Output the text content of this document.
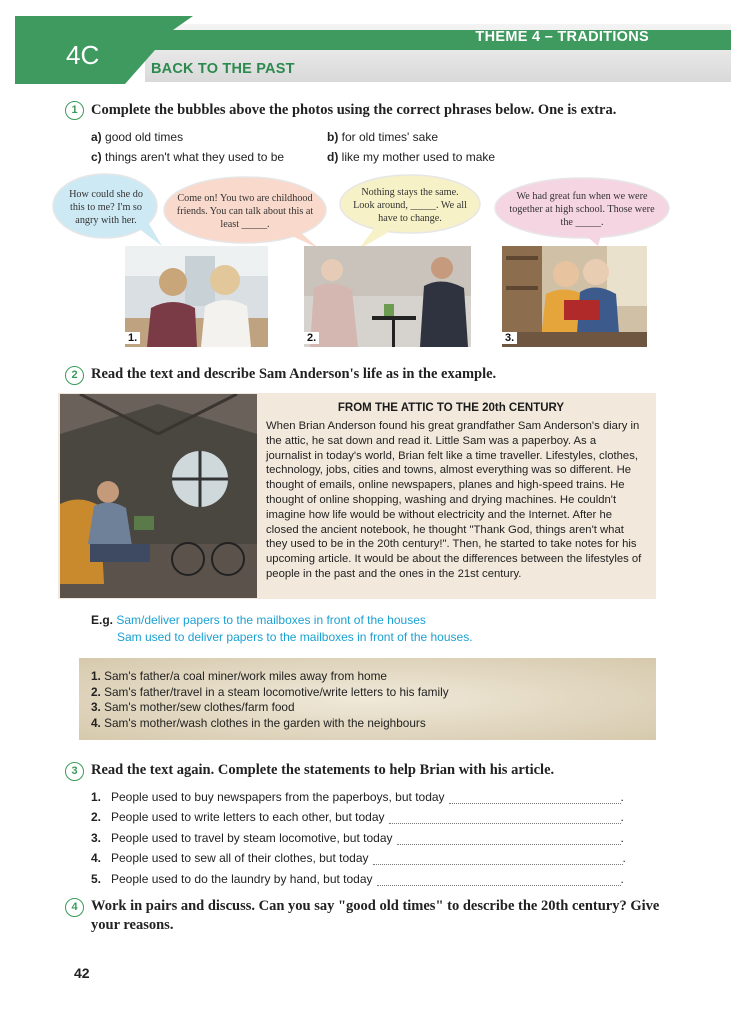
THEME 4 – TRADITIONS
4C	BACK TO THE PAST
1 Complete the bubbles above the photos using the correct phrases below. One is extra.
a) good old times	b) for old times' sake
c) things aren't what they used to be	d) like my mother used to make
How could she do this to me? I'm so angry with her.
Come on! You two are childhood friends. You can talk about this at least _____.
Nothing stays the same. Look around, _____. We all have to change.
We had great fun when we were together at high school. Those were the _____.
1.	2.	3.
2 Read the text and describe Sam Anderson's life as in the example.
FROM THE ATTIC TO THE 20th CENTURY
When Brian Anderson found his great grandfather Sam Anderson's diary in the attic, he sat down and read it. Little Sam was a paperboy. As a journalist in today's world, Brian felt like a time traveller. Lifestyles, clothes, technology, jobs, cities and towns, almost everything was so different. He thought of emails, online newspapers, planes and high-speed trains. He thought of online shopping, washing and drying machines. He couldn't imagine how life would be without electricity and the Internet. After he closed the ancient notebook, he thought "Thank God, things aren't what they used to be in the 20th century!". Then, he started to take notes for his upcoming article. It would be about the differences between the lifestyles of people in the past and the ones in the 21st century.
E.g. Sam/deliver papers to the mailboxes in front of the houses
Sam used to deliver papers to the mailboxes in front of the houses.
1. Sam's father/a coal miner/work miles away from home
2. Sam's father/travel in a steam locomotive/write letters to his family
3. Sam's mother/sew clothes/farm food
4. Sam's mother/wash clothes in the garden with the neighbours
3 Read the text again. Complete the statements to help Brian with his article.
1. People used to buy newspapers from the paperboys, but today	.
2. People used to write letters to each other, but today	.
3. People used to travel by steam locomotive, but today	.
4. People used to sew all of their clothes, but today	.
5. People used to do the laundry by hand, but today	.
4 Work in pairs and discuss. Can you say "good old times" to describe the 20th century? Give
your reasons.
42
